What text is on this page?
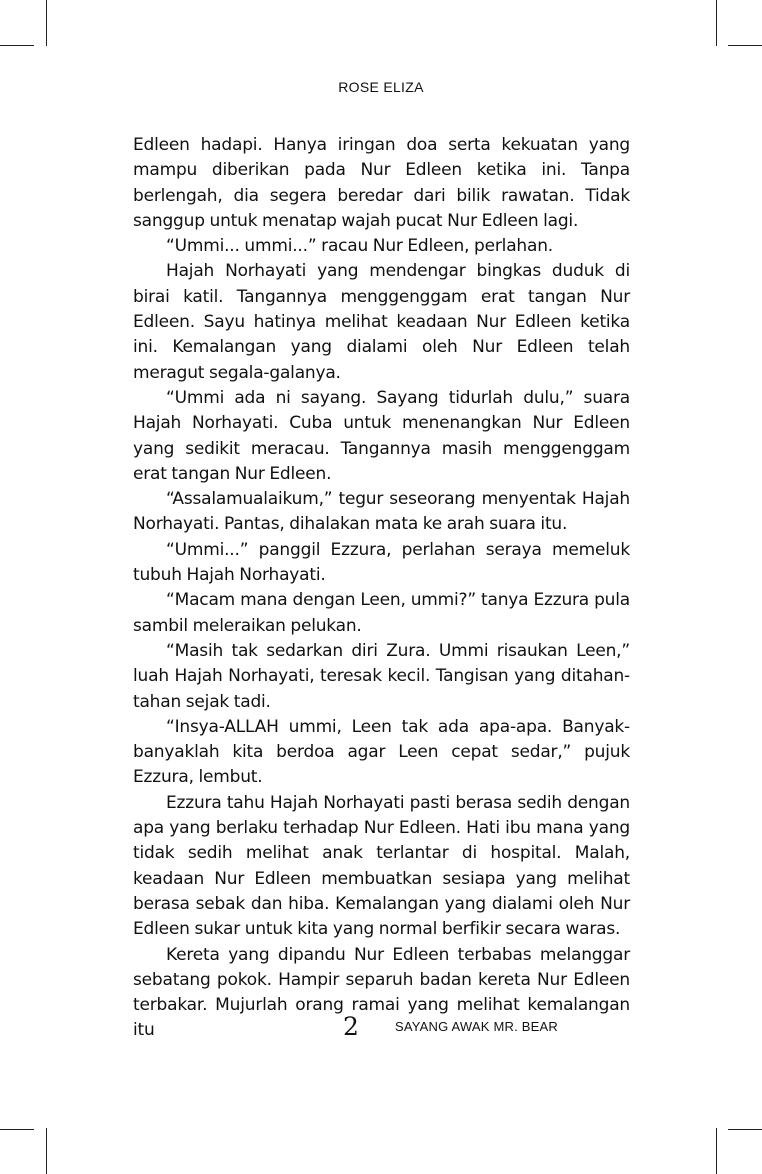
ROSE ELIZA

Edleen hadapi. Hanya iringan doa serta kekuatan yang mampu diberikan pada Nur Edleen ketika ini. Tanpa berlengah, dia segera beredar dari bilik rawatan. Tidak sanggup untuk menatap wajah pucat Nur Edleen lagi.

“Ummi... ummi...” racau Nur Edleen, perlahan.

Hajah Norhayati yang mendengar bingkas duduk di birai katil. Tangannya menggenggam erat tangan Nur Edleen. Sayu hatinya melihat keadaan Nur Edleen ketika ini. Kemalangan yang dialami oleh Nur Edleen telah meragut segala-galanya.

“Ummi ada ni sayang. Sayang tidurlah dulu,” suara Hajah Norhayati. Cuba untuk menenangkan Nur Edleen yang sedikit meracau. Tangannya masih menggenggam erat tangan Nur Edleen.

“Assalamualaikum,” tegur seseorang menyentak Hajah Norhayati. Pantas, dihalakan mata ke arah suara itu.

“Ummi...” panggil Ezzura, perlahan seraya memeluk tubuh Hajah Norhayati.

“Macam mana dengan Leen, ummi?” tanya Ezzura pula sambil meleraikan pelukan.

“Masih tak sedarkan diri Zura. Ummi risaukan Leen,” luah Hajah Norhayati, teresak kecil. Tangisan yang ditahan-tahan sejak tadi.

“Insya-ALLAH ummi, Leen tak ada apa-apa. Banyak-banyaklah kita berdoa agar Leen cepat sedar,” pujuk Ezzura, lembut.

Ezzura tahu Hajah Norhayati pasti berasa sedih dengan apa yang berlaku terhadap Nur Edleen. Hati ibu mana yang tidak sedih melihat anak terlantar di hospital. Malah, keadaan Nur Edleen membuatkan sesiapa yang melihat berasa sebak dan hiba. Kemalangan yang dialami oleh Nur Edleen sukar untuk kita yang normal berfikir secara waras.

Kereta yang dipandu Nur Edleen terbabas melanggar sebatang pokok. Hampir separuh badan kereta Nur Edleen terbakar. Mujurlah orang ramai yang melihat kemalangan itu	2	SAYANG AWAK MR. BEAR
